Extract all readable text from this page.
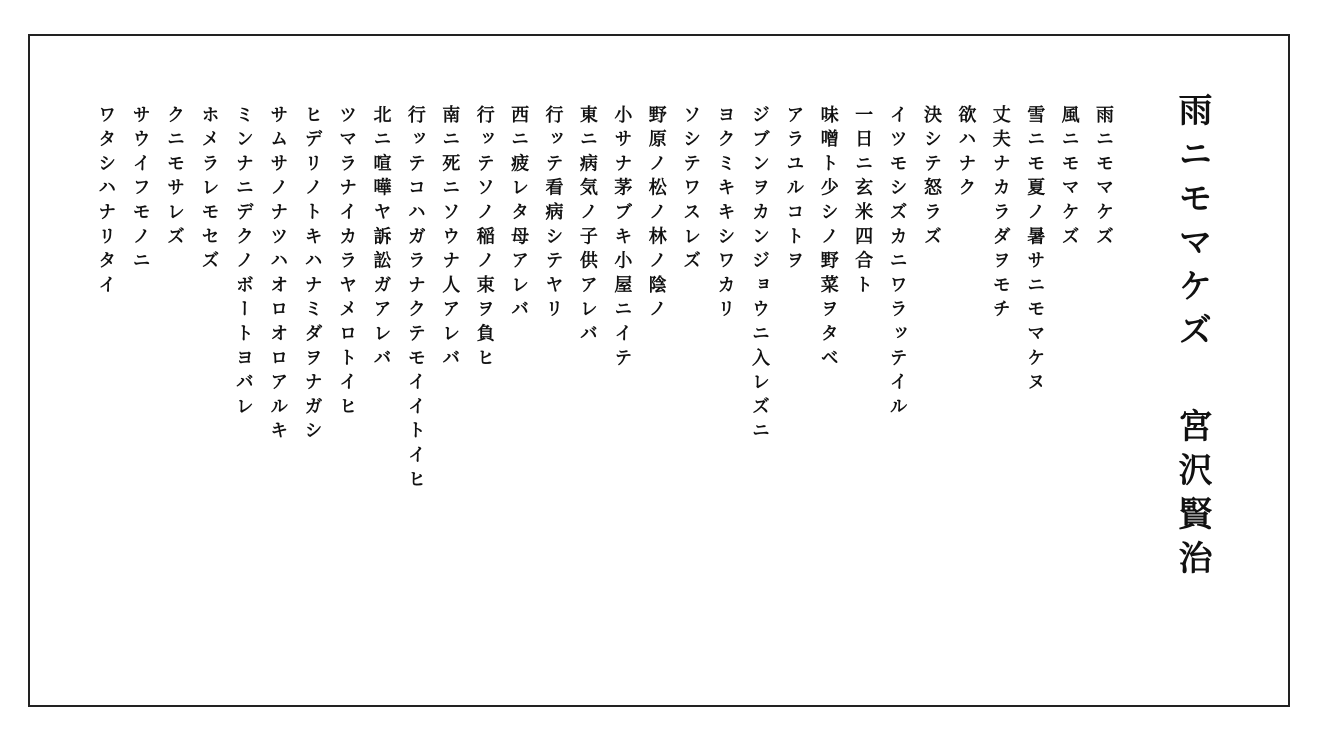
雨ニモマケズ宮沢賢治
雨ニモマケズ
風ニモマケズ
雪ニモ夏ノ暑サニモマケヌ
丈夫ナカラダヲモチ
欲ハナク
決シテ怒ラズ
イツモシズカニワラッテイル
一日ニ玄米四合ト
味噌ト少シノ野菜ヲタベ
アラユルコトヲ
ジブンヲカンジョウニ入レズニ
ヨクミキキシワカリ
ソシテワスレズ
野原ノ松ノ林ノ陰ノ
小サナ茅ブキ小屋ニイテ
東ニ病気ノ子供アレバ
行ッテ看病シテヤリ
西ニ疲レタ母アレバ
行ッテソノ稲ノ束ヲ負ヒ
南ニ死ニソウナ人アレバ
行ッテコハガラナクテモイイトイヒ
北ニ喧嘩ヤ訴訟ガアレバ
ツマラナイカラヤメロトイヒ
ヒデリノトキハナミダヲナガシ
サムサノナツハオロオロアルキ
ミンナニデクノボートヨバレ
ホメラレモセズ
クニモサレズ
サウイフモノニ
ワタシハナリタイ
